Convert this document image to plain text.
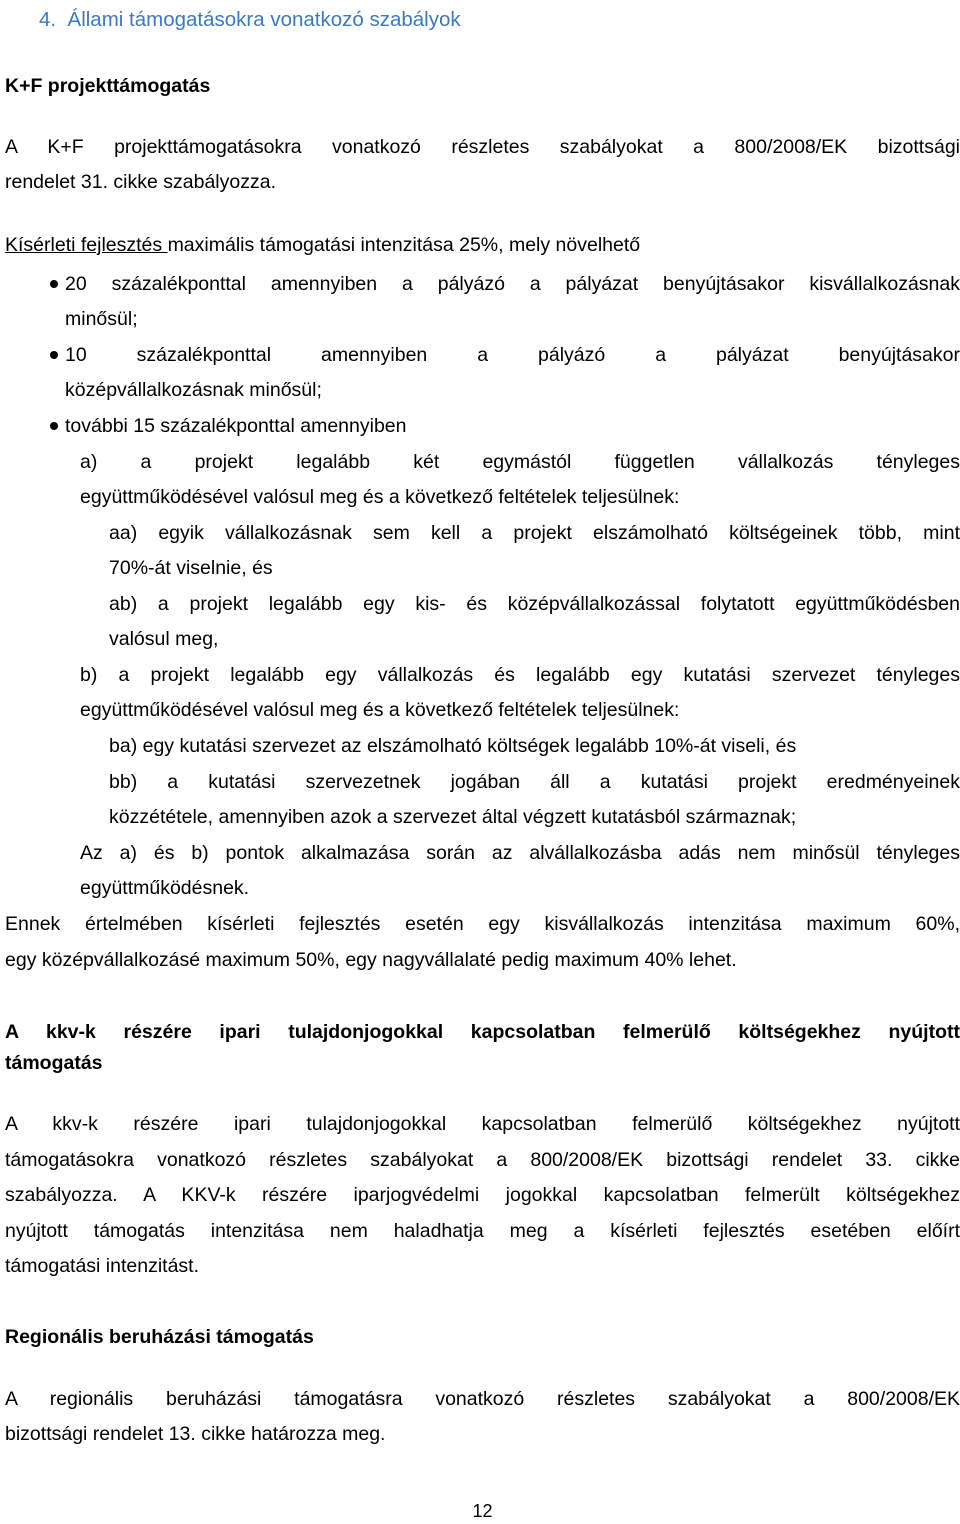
4. Állami támogatásokra vonatkozó szabályok
K+F projekttámogatás
A K+F projekttámogatásokra vonatkozó részletes szabályokat a 800/2008/EK bizottsági
rendelet 31. cikke szabályozza.
Kísérleti fejlesztés maximális támogatási intenzitása 25%, mely növelhető
20 százalékponttal amennyiben a pályázó a pályázat benyújtásakor kisvállalkozásnak
minősül;
10 százalékponttal amennyiben a pályázó a pályázat benyújtásakor
középvállalkozásnak minősül;
további 15 százalékponttal amennyiben
a) a projekt legalább két egymástól független vállalkozás tényleges
együttműködésével valósul meg és a következő feltételek teljesülnek:
aa) egyik vállalkozásnak sem kell a projekt elszámolható költségeinek több, mint
70%-át viselnie, és
ab) a projekt legalább egy kis- és középvállalkozással folytatott együttműködésben
valósul meg,
b) a projekt legalább egy vállalkozás és legalább egy kutatási szervezet tényleges
együttműködésével valósul meg és a következő feltételek teljesülnek:
ba) egy kutatási szervezet az elszámolható költségek legalább 10%-át viseli, és
bb) a kutatási szervezetnek jogában áll a kutatási projekt eredményeinek
közzététele, amennyiben azok a szervezet által végzett kutatásból származnak;
Az a) és b) pontok alkalmazása során az alvállalkozásba adás nem minősül tényleges
együttműködésnek.
Ennek értelmében kísérleti fejlesztés esetén egy kisvállalkozás intenzitása maximum 60%,
egy középvállalkozásé maximum 50%, egy nagyvállalaté pedig maximum 40% lehet.
A kkv-k részére ipari tulajdonjogokkal kapcsolatban felmerülő költségekhez nyújtott
támogatás
A kkv-k részére ipari tulajdonjogokkal kapcsolatban felmerülő költségekhez nyújtott
támogatásokra vonatkozó részletes szabályokat a 800/2008/EK bizottsági rendelet 33. cikke
szabályozza. A KKV-k részére iparjogvédelmi jogokkal kapcsolatban felmerült költségekhez
nyújtott támogatás intenzitása nem haladhatja meg a kísérleti fejlesztés esetében előírt
támogatási intenzitást.
Regionális beruházási támogatás
A regionális beruházási támogatásra vonatkozó részletes szabályokat a 800/2008/EK
bizottsági rendelet 13. cikke határozza meg.
12
